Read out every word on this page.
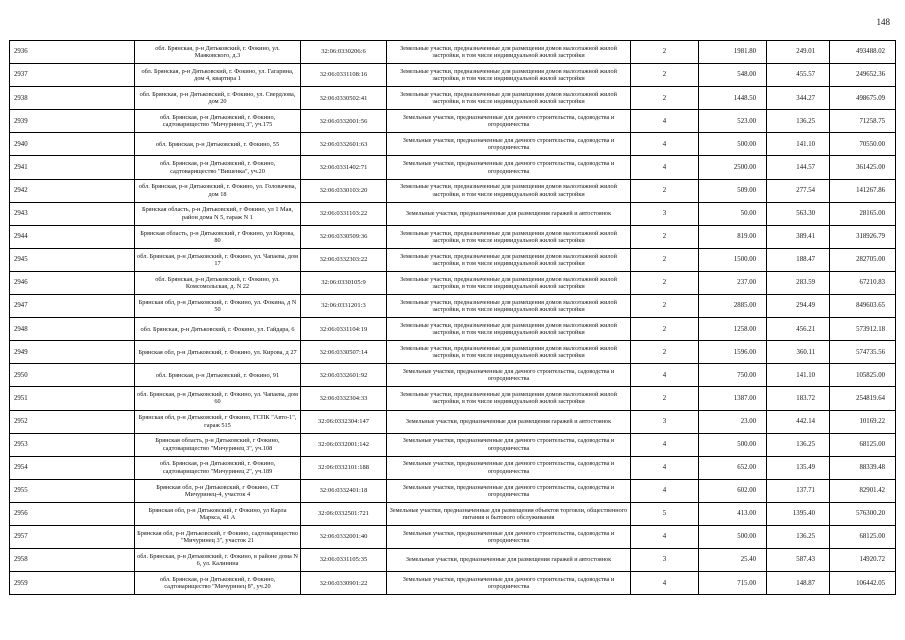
148
2936	обл. Брянская, р-н Дятьковский, г. Фокино, ул. Маяковского, д.3	32:06:0330206:6	Земельные участки, предназначенные для размещения домов малоэтажной жилой застройки, в том числе индивидуальной жилой застройки	2	1981.80	249.01	493488.02
2937	обл. Брянская, р-н Дятьковский, г. Фокино, ул. Гагарина, дом 4, квартира 1	32:06:0331108:16	Земельные участки, предназначенные для размещения домов малоэтажной жилой застройки, в том числе индивидуальной жилой застройки	2	548.00	455.57	249652.36
2938	обл. Брянская, р-н Дятьковский, г. Фокино, ул. Свердлова, дом 20	32:06:0330502:41	Земельные участки, предназначенные для размещения домов малоэтажной жилой застройки, в том числе индивидуальной жилой застройки	2	1448.50	344.27	498675.09
2939	обл. Брянская, р-н Дятьковский, г. Фокино, садтоварищество "Мичуринец 3", уч.175	32:06:0332001:56	Земельные участки, предназначенные для дачного строительства, садоводства и огородничества	4	523.00	136.25	71258.75
2940	обл. Брянская, р-н Дятьковский, г. Фокино, 55	32:06:0332601:63	Земельные участки, предназначенные для дачного строительства, садоводства и огородничества	4	500.00	141.10	70550.00
2941	обл. Брянская, р-н Дятьковский, г. Фокино, садтоварищество "Вишенка", уч.20	32:06:0331402:71	Земельные участки, предназначенные для дачного строительства, садоводства и огородничества	4	2500.00	144.57	361425.00
2942	обл. Брянская, р-н Дятьковский, г. Фокино, ул. Головачева, дом 18	32:06:0330103:20	Земельные участки, предназначенные для размещения домов малоэтажной жилой застройки, в том числе индивидуальной жилой застройки	2	509.00	277.54	141267.86
2943	Брянская область, р-н Дятьковский, г Фокино, ул 1 Мая, район дома N 5, гараж N 1	32:06:0331103:22	Земельные участки, предназначенные для размещения гаражей и автостоянок	3	50.00	563.30	28165.00
2944	Брянская область, р-н Дятьковский, г Фокино, ул Кирова, 80	32:06:0330509:36	Земельные участки, предназначенные для размещения домов малоэтажной жилой застройки, в том числе индивидуальной жилой застройки	2	819.00	389.41	318926.79
2945	обл. Брянская, р-н Дятьковский, г. Фокино, ул. Чапаева, дом 17	32:06:0332303:22	Земельные участки, предназначенные для размещения домов малоэтажной жилой застройки, в том числе индивидуальной жилой застройки	2	1500.00	188.47	282705.00
2946	обл. Брянская, р-н Дятьковский, г. Фокино, ул. Комсомольская, д. N 22	32:06:0330105:9	Земельные участки, предназначенные для размещения домов малоэтажной жилой застройки, в том числе индивидуальной жилой застройки	2	237.00	283.59	67210.83
2947	Брянская обл, р-н Дятьковский, г. Фокино, ул. Фокина, д N 50	32:06:0331201:3	Земельные участки, предназначенные для размещения домов малоэтажной жилой застройки, в том числе индивидуальной жилой застройки	2	2885.00	294.49	849603.65
2948	обл. Брянская, р-н Дятьковский, г. Фокино, ул. Гайдара, 6	32:06:0331104:19	Земельные участки, предназначенные для размещения домов малоэтажной жилой застройки, в том числе индивидуальной жилой застройки	2	1258.00	456.21	573912.18
2949	Брянская обл, р-н Дятьковский, г. Фокино, ул. Кирова, д 27	32:06:0330507:14	Земельные участки, предназначенные для размещения домов малоэтажной жилой застройки, в том числе индивидуальной жилой застройки	2	1596.00	360.11	574735.56
2950	обл. Брянская, р-н Дятьковский, г. Фокино, 91	32:06:0332601:92	Земельные участки, предназначенные для дачного строительства, садоводства и огородничества	4	750.00	141.10	105825.00
2951	обл. Брянская, р-н Дятьковский, г. Фокино, ул. Чапаева, дом 60	32:06:0332304:33	Земельные участки, предназначенные для размещения домов малоэтажной жилой застройки, в том числе индивидуальной жилой застройки	2	1387.00	183.72	254819.64
2952	Брянская обл, р-н Дятьковский, г Фокино, ГСПК "Авто-1", гараж 515	32:06:0332304:147	Земельные участки, предназначенные для размещения гаражей и автостоянок	3	23.00	442.14	10169.22
2953	Брянская область, р-н Дятьковский, г Фокино, садтоварищество "Мичуринец 3", уч.108	32:06:0332001:142	Земельные участки, предназначенные для дачного строительства, садоводства и огородничества	4	500.00	136.25	68125.00
2954	обл. Брянская, р-н Дятьковский, г. Фокино, садтоварищество "Мичуринец 2", уч.189	32:06:0332101:188	Земельные участки, предназначенные для дачного строительства, садоводства и огородничества	4	652.00	135.49	88339.48
2955	Брянская обл, р-н Дятьковский, г Фокино, СТ Мичуринец-4, участок 4	32:06:0332401:18	Земельные участки, предназначенные для дачного строительства, садоводства и огородничества	4	602.00	137.71	82901.42
2956	Брянская обл, р-н Дятьковский, г Фокино, ул Карла Маркса, 41 А	32:06:0332501:721	Земельные участки, предназначенные для размещения объектов торговли, общественного питания и бытового обслуживания	5	413.00	1395.40	576300.20
2957	Брянская обл, р-н Дятьковский, г Фокино, садтоварищество "Мичуринец 3", участок 21	32:06:0332001:40	Земельные участки, предназначенные для дачного строительства, садоводства и огородничества	4	500.00	136.25	68125.00
2958	обл. Брянская, р-н Дятьковский, г. Фокино, в районе дома N 6, ул. Калинина	32:06:0331105:35	Земельные участки, предназначенные для размещения гаражей и автостоянок	3	25.40	587.43	14920.72
2959	обл. Брянская, р-н Дятьковский, г. Фокино, садтоварищество "Мичуринец 8", уч.20	32:06:0330901:22	Земельные участки, предназначенные для дачного строительства, садоводства и огородничества	4	715.00	148.87	106442.05
